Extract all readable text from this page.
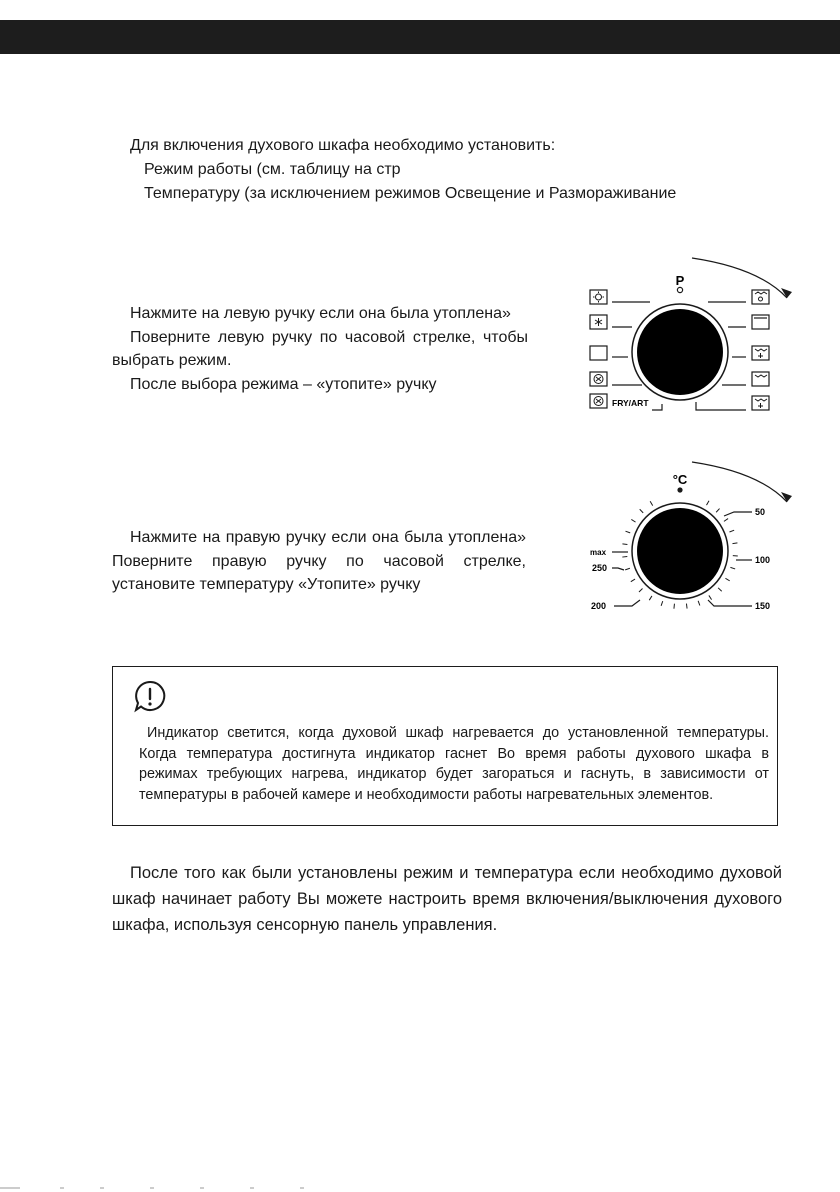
Для включения духового шкафа необходимо установить:
Режим работы (см. таблицу на стр
Температуру (за исключением режимов Освещение и Размораживание
Нажмите на левую ручку если она была утоплена»
Поверните левую ручку по часовой стрелке, чтобы выбрать режим.
После выбора режима – «утопите» ручку
P
FRY/ART
Нажмите на правую ручку если она была утоплена» Поверните правую ручку по часовой стрелке, установите температуру «Утопите» ручку
°C
50
100
150
200
250
max
Индикатор светится, когда духовой шкаф нагревается до установленной температуры. Когда температура достигнута индикатор гаснет Во время работы духового шкафа в режимах требующих нагрева, индикатор будет загораться и гаснуть, в зависимости от температуры в рабочей камере и необходимости работы нагревательных элементов.
После того как были установлены режим и температура если необходимо духовой шкаф начинает работу Вы можете настроить время включения/выключения духового шкафа, используя сенсорную панель управления.
